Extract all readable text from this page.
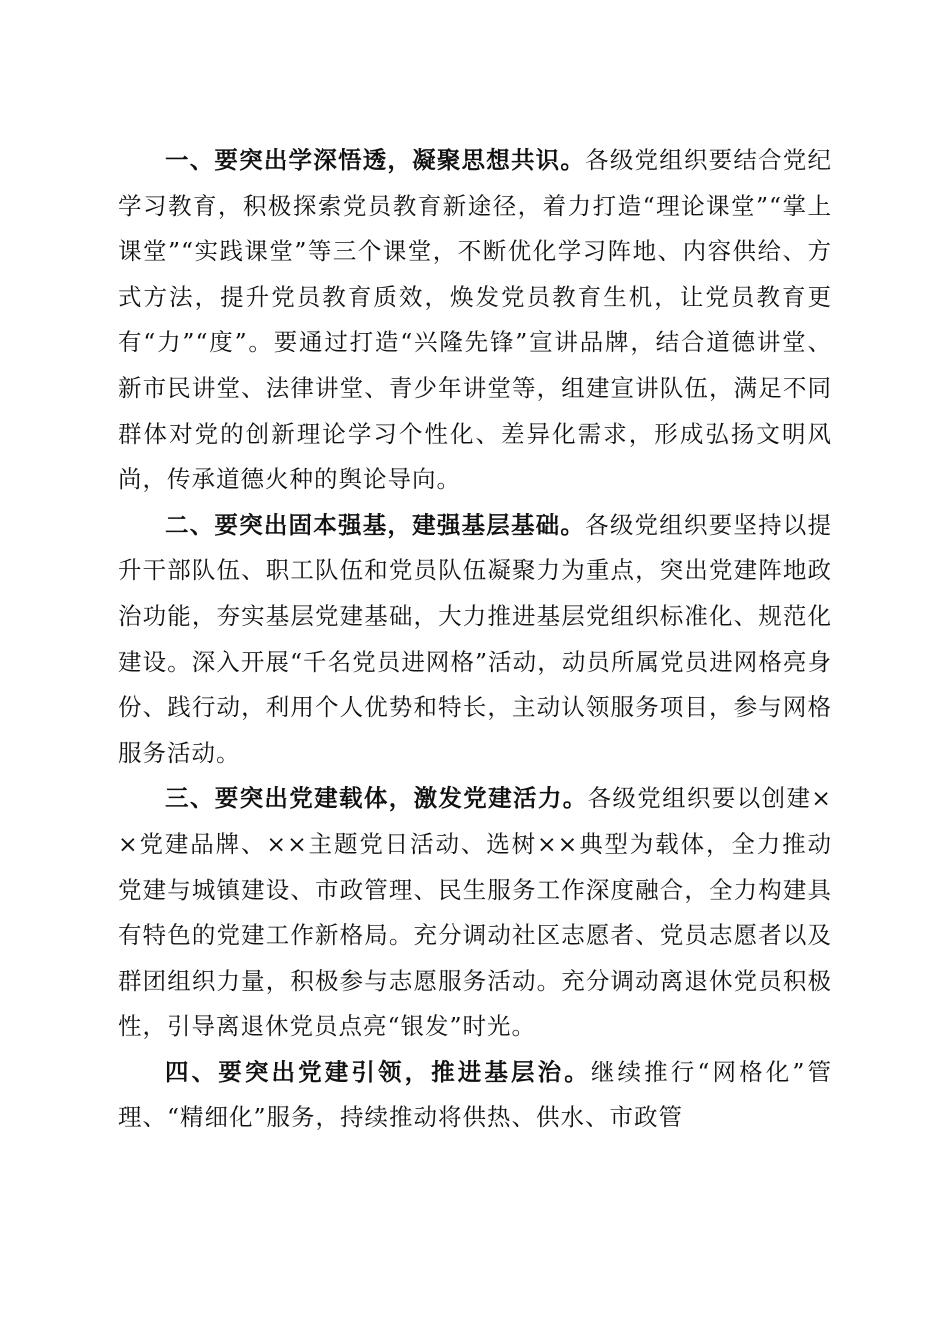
一、要突出学深悟透，凝聚思想共识。各级党组织要结合党纪学习教育，积极探索党员教育新途径，着力打造“理论课堂”“掌上课堂”“实践课堂”等三个课堂，不断优化学习阵地、内容供给、方式方法，提升党员教育质效，焕发党员教育生机，让党员教育更有“力”“度”。要通过打造“兴隆先锋”宣讲品牌，结合道德讲堂、新市民讲堂、法律讲堂、青少年讲堂等，组建宣讲队伍，满足不同群体对党的创新理论学习个性化、差异化需求，形成弘扬文明风尚，传承道德火种的舆论导向。

二、要突出固本强基，建强基层基础。各级党组织要坚持以提升干部队伍、职工队伍和党员队伍凝聚力为重点，突出党建阵地政治功能，夯实基层党建基础，大力推进基层党组织标准化、规范化建设。深入开展“千名党员进网格”活动，动员所属党员进网格亮身份、践行动，利用个人优势和特长，主动认领服务项目，参与网格服务活动。

三、要突出党建载体，激发党建活力。各级党组织要以创建××党建品牌、××主题党日活动、选树××典型为载体，全力推动党建与城镇建设、市政管理、民生服务工作深度融合，全力构建具有特色的党建工作新格局。充分调动社区志愿者、党员志愿者以及群团组织力量，积极参与志愿服务活动。充分调动离退休党员积极性，引导离退休党员点亮“银发”时光。

四、要突出党建引领，推进基层治。继续推行“网格化”管理、“精细化”服务，持续推动将供热、供水、市政管
